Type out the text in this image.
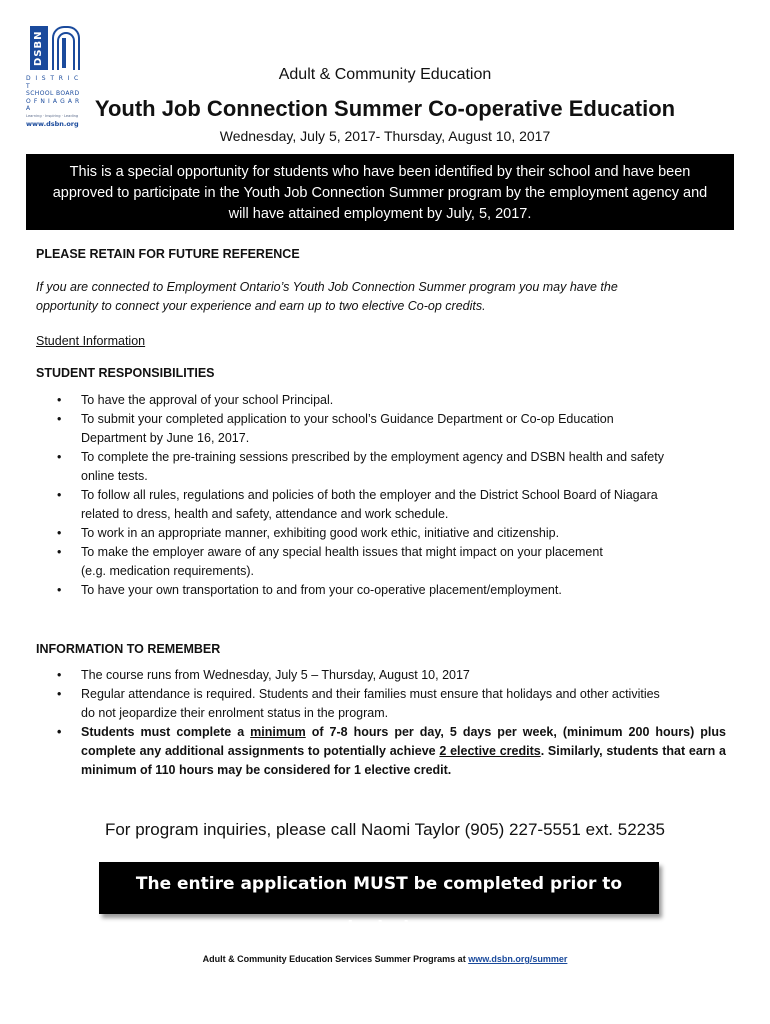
DSBN
D I S T R I C T
SCHOOL BOARD
O F N I A G A R A
Learning · Inspiring · Leading
www.dsbn.org
Adult & Community Education
Youth Job Connection Summer Co-operative Education
Wednesday, July 5, 2017- Thursday, August 10, 2017
This is a special opportunity for students who have been identified by their school and have been
approved to participate in the Youth Job Connection Summer program by the employment agency and
will have attained employment by July, 5, 2017.
PLEASE RETAIN FOR FUTURE REFERENCE
If you are connected to Employment Ontario’s Youth Job Connection Summer program you may have the
opportunity to connect your experience and earn up to two elective Co-op credits.
Student Information
STUDENT RESPONSIBILITIES
• To have the approval of your school Principal.
• To submit your completed application to your school’s Guidance Department or Co-op Education
Department by June 16, 2017.
• To complete the pre-training sessions prescribed by the employment agency and DSBN health and safety
online tests.
• To follow all rules, regulations and policies of both the employer and the District School Board of Niagara
related to dress, health and safety, attendance and work schedule.
• To work in an appropriate manner, exhibiting good work ethic, initiative and citizenship.
• To make the employer aware of any special health issues that might impact on your placement
(e.g. medication requirements).
• To have your own transportation to and from your co-operative placement/employment.
INFORMATION TO REMEMBER
• The course runs from Wednesday, July 5 – Thursday, August 10, 2017
• Regular attendance is required. Students and their families must ensure that holidays and other activities
do not jeopardize their enrolment status in the program.
• Students must complete a minimum of 7-8 hours per day, 5 days per week, (minimum 200 hours) plus complete any additional assignments to potentially achieve 2 elective credits. Similarly, students that earn a minimum of 110 hours may be considered for 1 elective credit.
For program inquiries, please call Naomi Taylor (905) 227-5551 ext. 52235
The entire application MUST be completed prior to submission
Adult & Community Education Services Summer Programs at www.dsbn.org/summer
